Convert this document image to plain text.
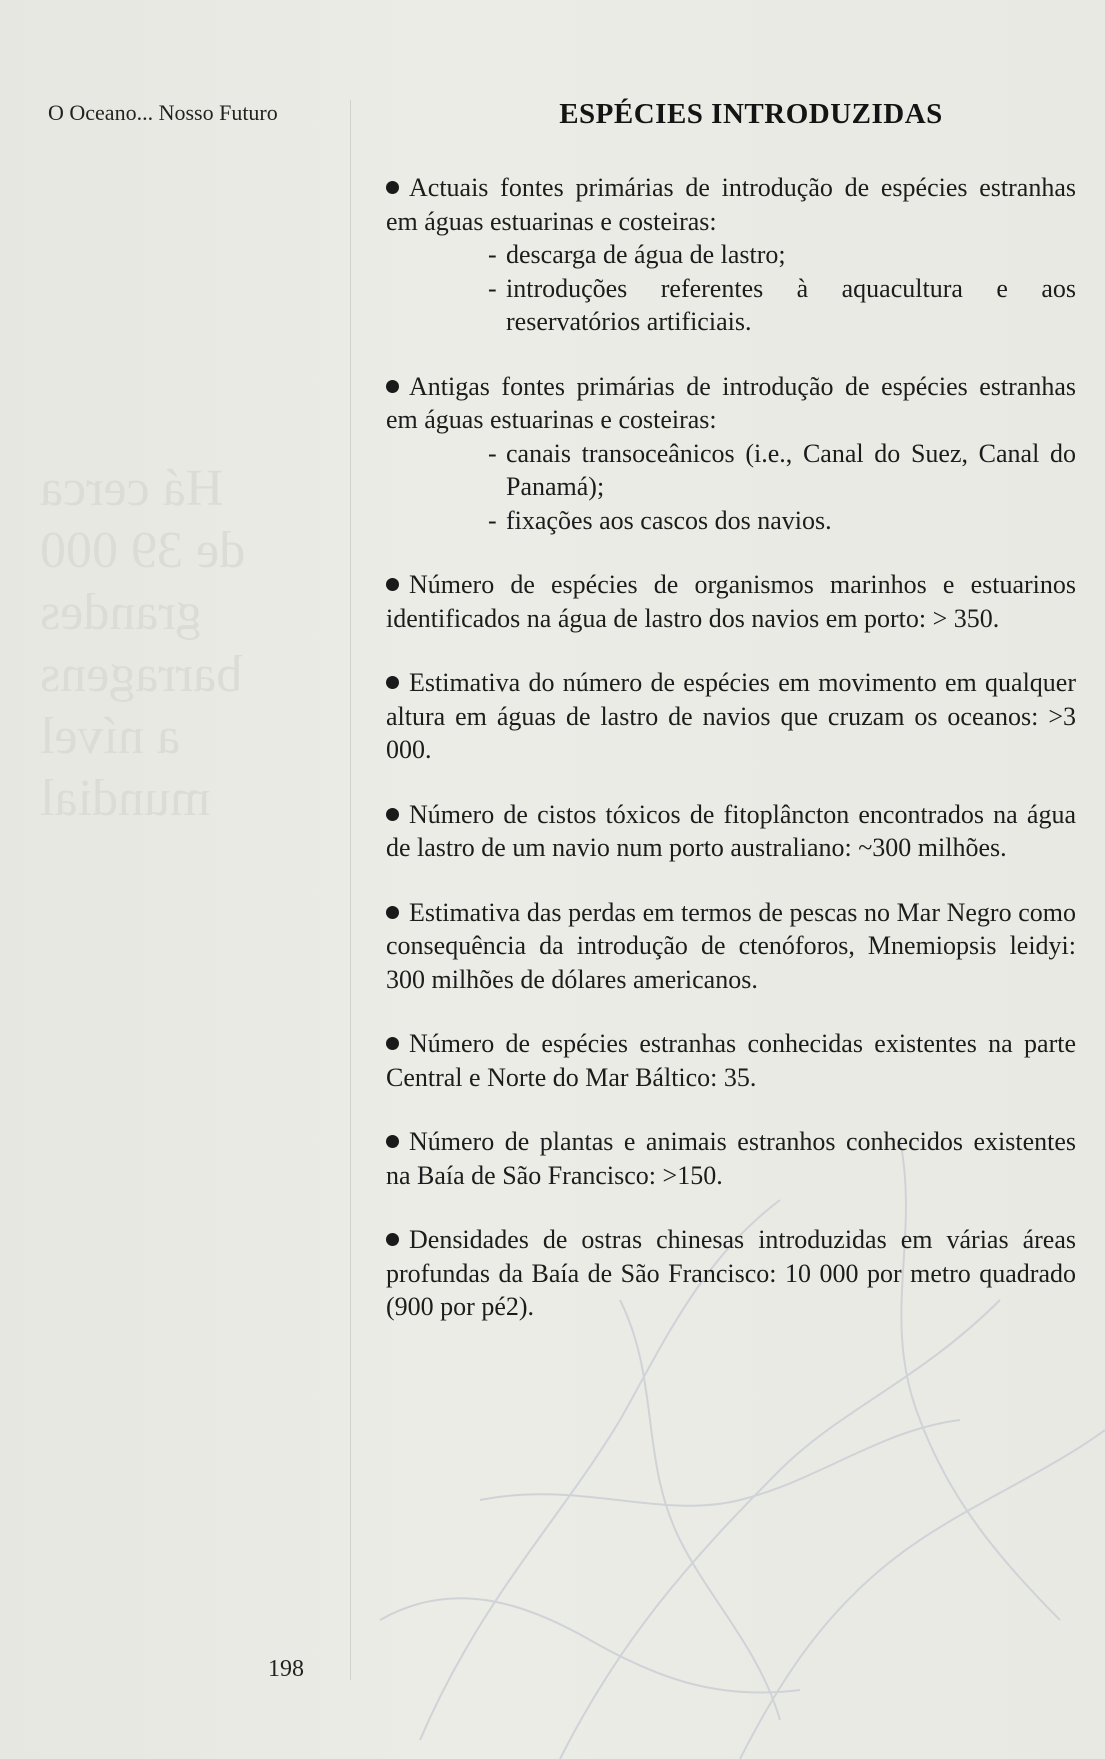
O Oceano... Nosso Futuro
Há cerca
de 39 000
grandes
barragens
a nível
mundial
ESPÉCIES INTRODUZIDAS
Actuais fontes primárias de introdução de espécies estranhas em águas estuarinas e costeiras:
- descarga de água de lastro;
- introduções referentes à aquacultura e aos reservatórios artificiais.
Antigas fontes primárias de introdução de espécies estranhas em águas estuarinas e costeiras:
- canais transoceânicos (i.e., Canal do Suez, Canal do Panamá);
- fixações aos cascos dos navios.
Número de espécies de organismos marinhos e estuarinos identificados na água de lastro dos navios em porto: > 350.
Estimativa do número de espécies em movimento em qualquer altura em águas de lastro de navios que cruzam os oceanos: >3 000.
Número de cistos tóxicos de fitoplâncton encontrados na água de lastro de um navio num porto australiano: ~300 milhões.
Estimativa das perdas em termos de pescas no Mar Negro como consequência da introdução de ctenóforos, Mnemiopsis leidyi: 300 milhões de dólares americanos.
Número de espécies estranhas conhecidas existentes na parte Central e Norte do Mar Báltico: 35.
Número de plantas e animais estranhos conhecidos existentes na Baía de São Francisco: >150.
Densidades de ostras chinesas introduzidas em várias áreas profundas da Baía de São Francisco: 10 000 por metro quadrado (900 por pé2).
198
